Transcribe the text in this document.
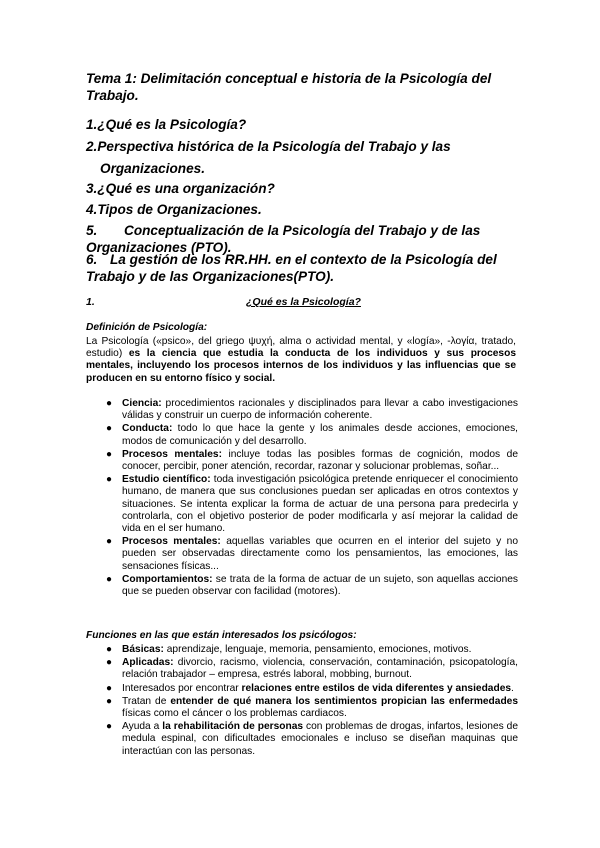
Tema 1: Delimitación conceptual e historia de la Psicología del Trabajo.
1.¿Qué es la Psicología?
2.Perspectiva histórica de la Psicología del Trabajo y las
Organizaciones.
3.¿Qué es una organización?
4.Tipos de Organizaciones.
5. Conceptualización de la Psicología del Trabajo y de las Organizaciones (PTO).
6. La gestión de los RR.HH. en el contexto de la Psicología del Trabajo y de las Organizaciones(PTO).
1.	¿Qué es la Psicología?
Definición de Psicología:
La Psicología («psico», del griego ψυχή, alma o actividad mental, y «logía», -λογία, tratado, estudio) es la ciencia que estudia la conducta de los individuos y sus procesos mentales, incluyendo los procesos internos de los individuos y las influencias que se producen en su entorno físico y social.
● Ciencia: procedimientos racionales y disciplinados para llevar a cabo investigaciones válidas y construir un cuerpo de información coherente.
● Conducta: todo lo que hace la gente y los animales desde acciones, emociones, modos de comunicación y del desarrollo.
● Procesos mentales: incluye todas las posibles formas de cognición, modos de conocer, percibir, poner atención, recordar, razonar y solucionar problemas, soñar...
● Estudio científico: toda investigación psicológica pretende enriquecer el conocimiento humano, de manera que sus conclusiones puedan ser aplicadas en otros contextos y situaciones. Se intenta explicar la forma de actuar de una persona para predecirla y controlarla, con el objetivo posterior de poder modificarla y así mejorar la calidad de vida en el ser humano.
● Procesos mentales: aquellas variables que ocurren en el interior del sujeto y no pueden ser observadas directamente como los pensamientos, las emociones, las sensaciones físicas...
● Comportamientos: se trata de la forma de actuar de un sujeto, son aquellas acciones que se pueden observar con facilidad (motores).
Funciones en las que están interesados los psicólogos:
● Básicas: aprendizaje, lenguaje, memoria, pensamiento, emociones, motivos.
● Aplicadas: divorcio, racismo, violencia, conservación, contaminación, psicopatología, relación trabajador – empresa, estrés laboral, mobbing, burnout.
● Interesados por encontrar relaciones entre estilos de vida diferentes y ansiedades.
● Tratan de entender de qué manera los sentimientos propician las enfermedades físicas como el cáncer o los problemas cardiacos.
● Ayuda a la rehabilitación de personas con problemas de drogas, infartos, lesiones de medula espinal, con dificultades emocionales e incluso se diseñan maquinas que interactúan con las personas.
